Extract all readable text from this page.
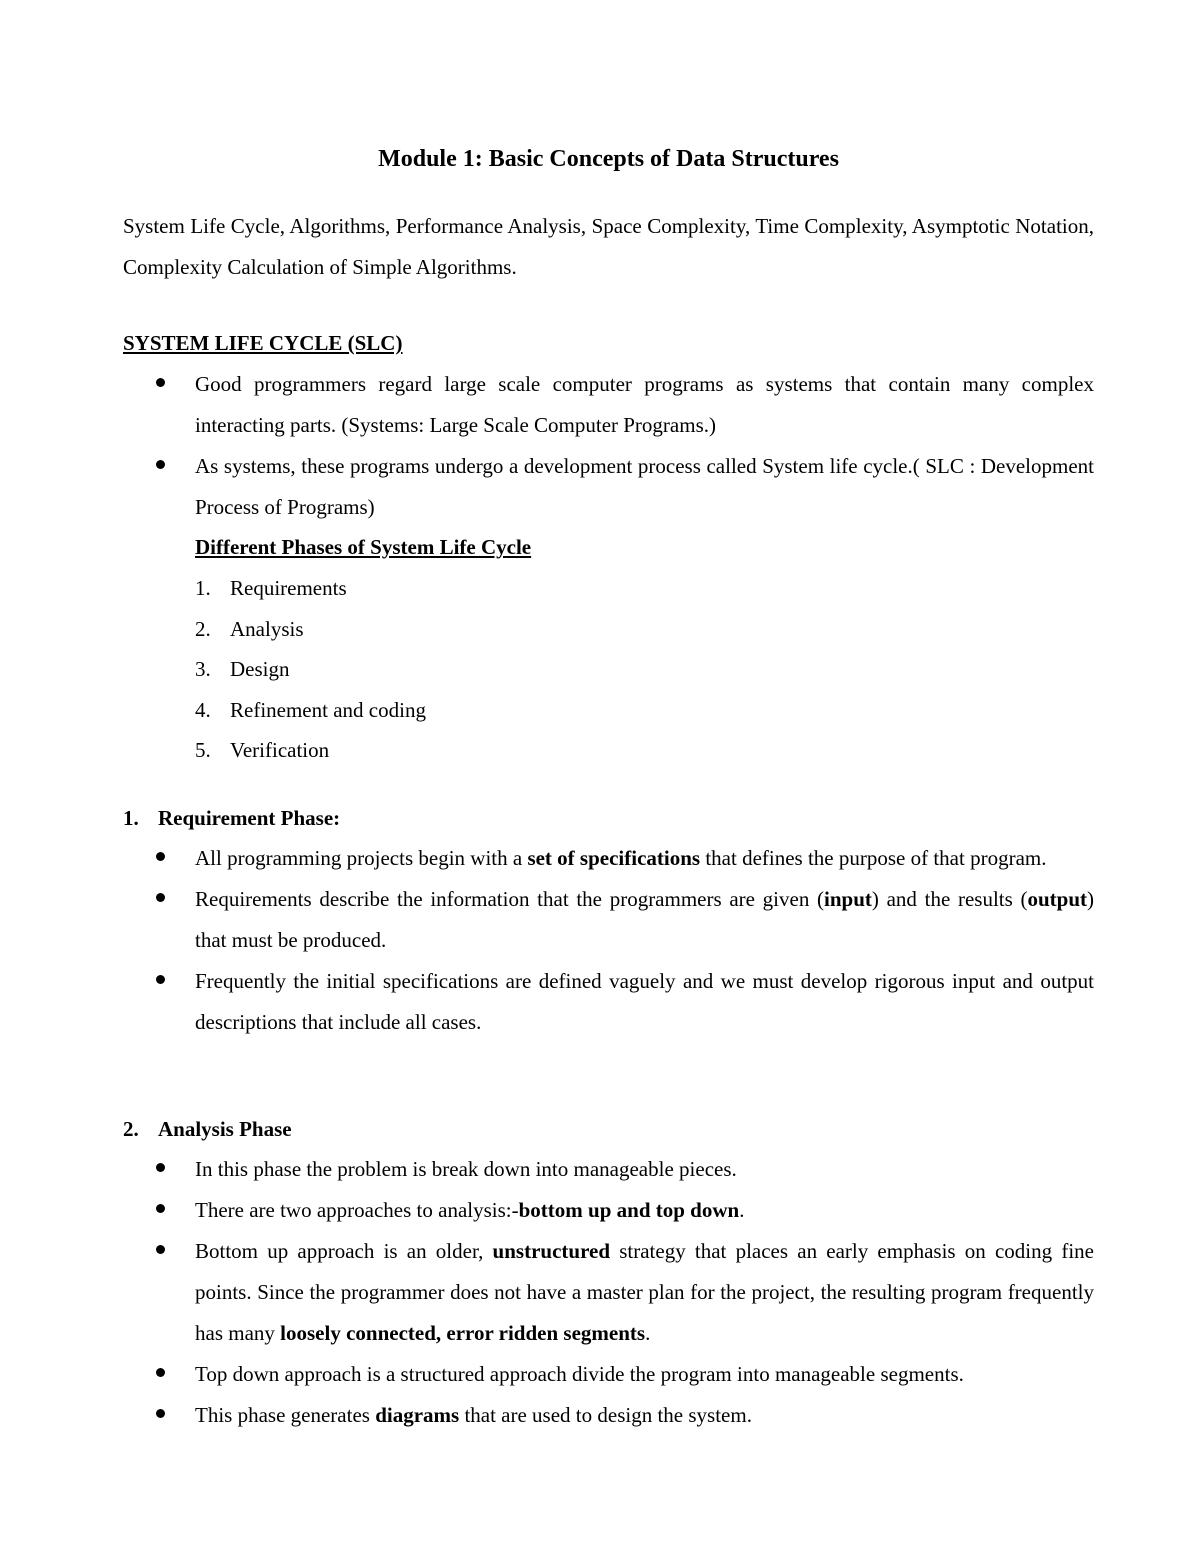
Module 1: Basic Concepts of Data Structures
System Life Cycle, Algorithms, Performance Analysis, Space Complexity, Time Complexity, Asymptotic Notation, Complexity Calculation of Simple Algorithms.
SYSTEM LIFE CYCLE (SLC)
Good programmers regard large scale computer programs as systems that contain many complex interacting parts. (Systems: Large Scale Computer Programs.)
As systems, these programs undergo a development process called System life cycle.( SLC : Development Process of Programs)
Different Phases of System Life Cycle
1. Requirements
2. Analysis
3. Design
4. Refinement and coding
5. Verification
1. Requirement Phase:
All programming projects begin with a set of specifications that defines the purpose of that program.
Requirements describe the information that the programmers are given (input) and the results (output) that must be produced.
Frequently the initial specifications are defined vaguely and we must develop rigorous input and output descriptions that include all cases.
2. Analysis Phase
In this phase the problem is break down into manageable pieces.
There are two approaches to analysis:-bottom up and top down.
Bottom up approach is an older, unstructured strategy that places an early emphasis on coding fine points. Since the programmer does not have a master plan for the project, the resulting program frequently has many loosely connected, error ridden segments.
Top down approach is a structured approach divide the program into manageable segments.
This phase generates diagrams that are used to design the system.
